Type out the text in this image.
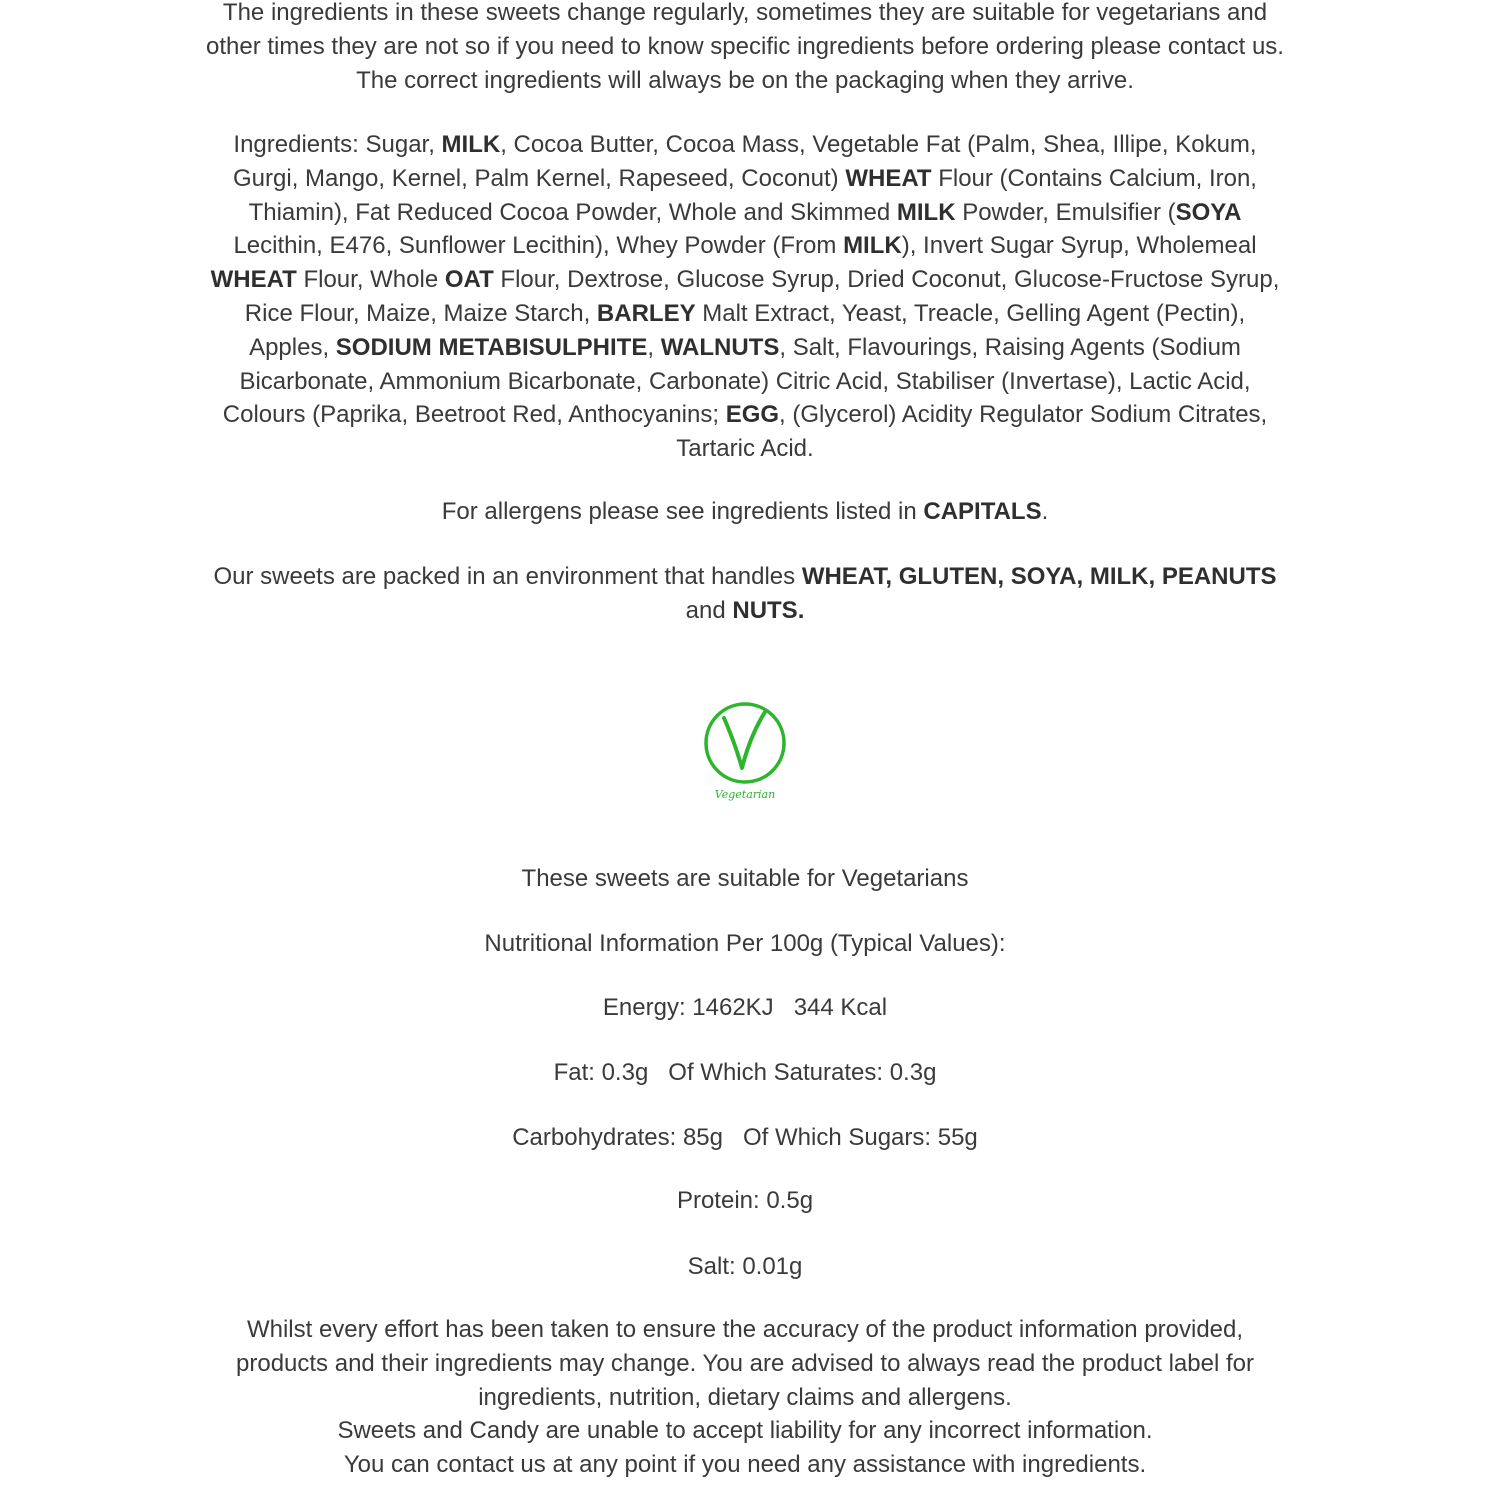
The ingredients in these sweets change regularly, sometimes they are suitable for vegetarians and
other times they are not so if you need to know specific ingredients before ordering please contact us.
The correct ingredients will always be on the packaging when they arrive.

Ingredients: Sugar, MILK, Cocoa Butter, Cocoa Mass, Vegetable Fat (Palm, Shea, Illipe, Kokum,
Gurgi, Mango, Kernel, Palm Kernel, Rapeseed, Coconut) WHEAT Flour (Contains Calcium, Iron,
Thiamin), Fat Reduced Cocoa Powder, Whole and Skimmed MILK Powder, Emulsifier (SOYA
Lecithin, E476, Sunflower Lecithin), Whey Powder (From MILK), Invert Sugar Syrup, Wholemeal
WHEAT Flour, Whole OAT Flour, Dextrose, Glucose Syrup, Dried Coconut, Glucose-Fructose Syrup,
Rice Flour, Maize, Maize Starch, BARLEY Malt Extract, Yeast, Treacle, Gelling Agent (Pectin),
Apples, SODIUM METABISULPHITE, WALNUTS, Salt, Flavourings, Raising Agents (Sodium
Bicarbonate, Ammonium Bicarbonate, Carbonate) Citric Acid, Stabiliser (Invertase), Lactic Acid,
Colours (Paprika, Beetroot Red, Anthocyanins; EGG, (Glycerol) Acidity Regulator Sodium Citrates,
Tartaric Acid.

For allergens please see ingredients listed in CAPITALS.

Our sweets are packed in an environment that handles WHEAT, GLUTEN, SOYA, MILK, PEANUTS
and NUTS.

Vegetarian

These sweets are suitable for Vegetarians

Nutritional Information Per 100g (Typical Values):

Energy: 1462KJ   344 Kcal

Fat: 0.3g   Of Which Saturates: 0.3g

Carbohydrates: 85g   Of Which Sugars: 55g

Protein: 0.5g

Salt: 0.01g

Whilst every effort has been taken to ensure the accuracy of the product information provided,
products and their ingredients may change. You are advised to always read the product label for
ingredients, nutrition, dietary claims and allergens.
Sweets and Candy are unable to accept liability for any incorrect information.
You can contact us at any point if you need any assistance with ingredients.
